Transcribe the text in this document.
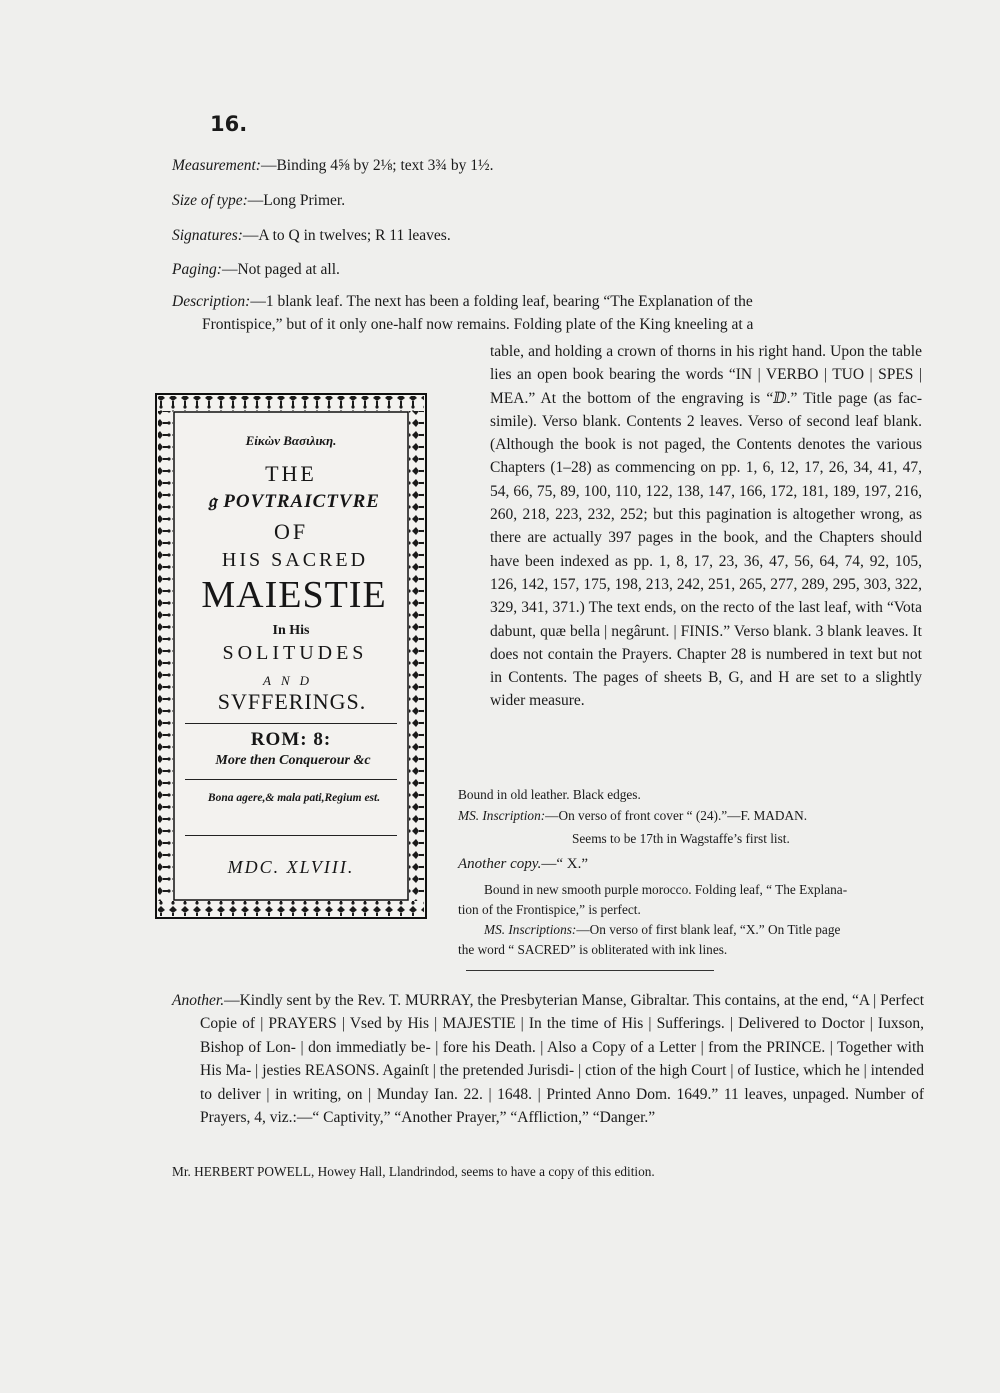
16.
Measurement:—Binding 4⅝ by 2⅛; text 3¾ by 1½.
Size of type:—Long Primer.
Signatures:—A to Q in twelves; R 11 leaves.
Paging:—Not paged at all.
Description:—1 blank leaf. The next has been a folding leaf, bearing “The Explanation of the
Frontispice,” but of it only one-half now remains. Folding plate of the King kneeling at a
table, and holding a crown of thorns in his right hand. Upon the table lies an open book bearing the words “IN | VERBO | TUO | SPES | MEA.” At the bottom of the engraving is “ⅅ.” Title page (as fac-simile). Verso blank. Contents 2 leaves. Verso of second leaf blank. (Although the book is not paged, the Contents denotes the various Chapters (1–28) as commencing on pp. 1, 6, 12, 17, 26, 34, 41, 47, 54, 66, 75, 89, 100, 110, 122, 138, 147, 166, 172, 181, 189, 197, 216, 260, 218, 223, 232, 252; but this pagination is altogether wrong, as there are actually 397 pages in the book, and the Chapters should have been indexed as pp. 1, 8, 17, 23, 36, 47, 56, 64, 74, 92, 105, 126, 142, 157, 175, 198, 213, 242, 251, 265, 277, 289, 295, 303, 322, 329, 341, 371.) The text ends, on the recto of the last leaf, with “Vota dabunt, quæ bella | negârunt. | FINIS.” Verso blank. 3 blank leaves. It does not contain the Prayers. Chapter 28 is numbered in text but not in Contents. The pages of sheets B, G, and H are set to a slightly wider measure.
Εἰκὼν Βασιλικη.
THE
𝔤 POVTRAICTVRE
OF
HIS SACRED
MAIESTIE
In His
SOLITUDES
AND
SVFFERINGS.
ROM: 8:
More then Conquerour &c
Bona agere,& mala pati,Regium est.
MDC. XLVIII.
Bound in old leather. Black edges.
MS. Inscription:—On verso of front cover “ (24).”—F. MADAN.
Seems to be 17th in Wagstaffe’s first list.
Another copy.—“ X.”
Bound in new smooth purple morocco. Folding leaf, “ The Explana-
tion of the Frontispice,” is perfect.
MS. Inscriptions:—On verso of first blank leaf, “X.” On Title page
the word “ SACRED” is obliterated with ink lines.
Another.—Kindly sent by the Rev. T. MURRAY, the Presbyterian Manse, Gibraltar. This contains, at the end, “A | Perfect Copie of | PRAYERS | Vsed by His | MAJESTIE | In the time of His | Sufferings. | Delivered to Doctor | Iuxson, Bishop of Lon- | don immediatly be- | fore his Death. | Also a Copy of a Letter | from the PRINCE. | Together with His Ma- | jesties REASONS. Againſt | the pretended Jurisdi- | ction of the high Court | of Iustice, which he | intended to deliver | in writing, on | Munday Ian. 22. | 1648. | Printed Anno Dom. 1649.” 11 leaves, unpaged. Number of Prayers, 4, viz.:—“ Captivity,” “Another Prayer,” “Affliction,” “Danger.”
Mr. HERBERT POWELL, Howey Hall, Llandrindod, seems to have a copy of this edition.
